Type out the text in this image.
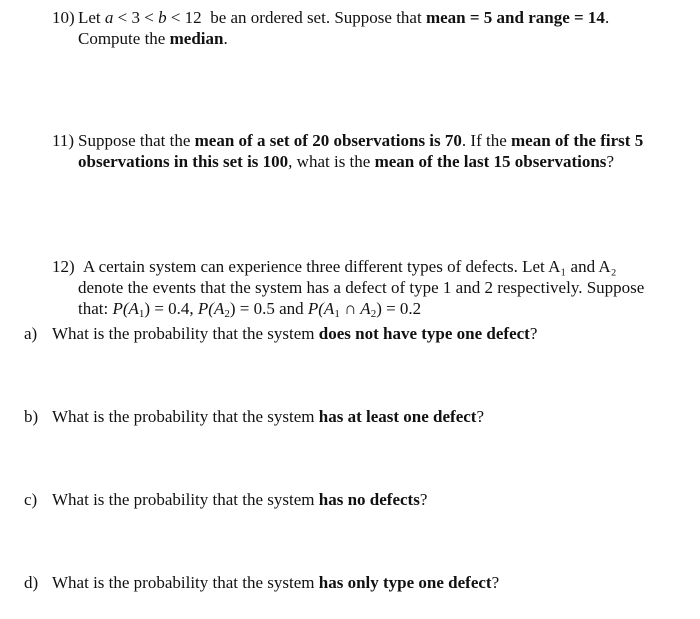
10) Let a < 3 < b < 12  be an ordered set. Suppose that mean = 5 and range = 14.
Compute the median.
11) Suppose that the mean of a set of 20 observations is 70. If the mean of the first 5
observations in this set is 100, what is the mean of the last 15 observations?
12) A certain system can experience three different types of defects. Let A₁ and A₂
denote the events that the system has a defect of type 1 and 2 respectively. Suppose
that: $P(A_1) = 0.4$, $P(A_2) = 0.5$ and $P(A_1$ ∩ $A_2) = 0.2$
a) What is the probability that the system does not have type one defect?
b) What is the probability that the system has at least one defect?
c) What is the probability that the system has no defects?
d) What is the probability that the system has only type one defect?
